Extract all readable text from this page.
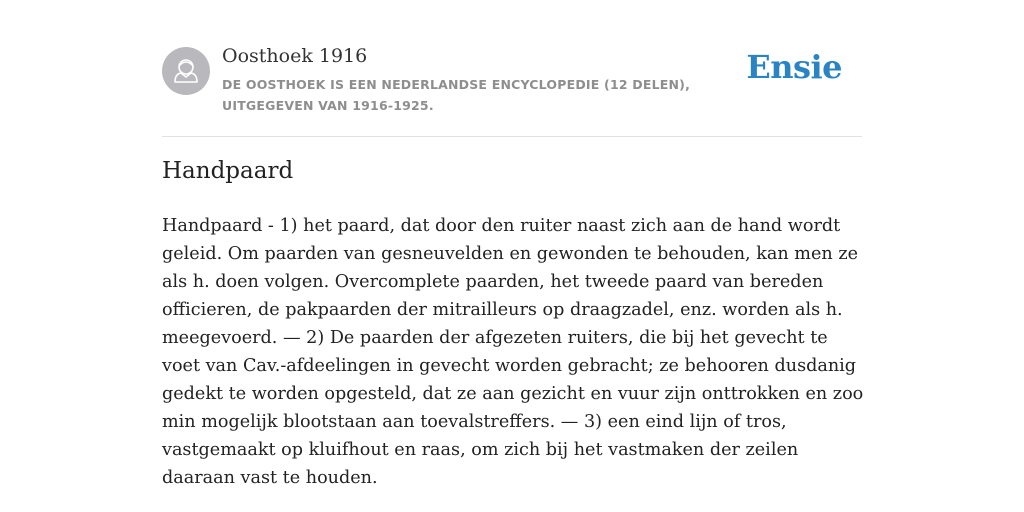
Oosthoek 1916
DE OOSTHOEK IS EEN NEDERLANDSE ENCYCLOPEDIE (12 DELEN), UITGEGEVEN VAN 1916-1925.
Ensie
Handpaard

Handpaard - 1) het paard, dat door den ruiter naast zich aan de hand wordt geleid. Om paarden van gesneuvelden en gewonden te behouden, kan men ze als h. doen volgen. Overcomplete paarden, het tweede paard van bereden officieren, de pakpaarden der mitrailleurs op draagzadel, enz. worden als h. meegevoerd. — 2) De paarden der afgezeten ruiters, die bij het gevecht te voet van Cav.-afdeelingen in gevecht worden gebracht; ze behooren dusdanig gedekt te worden opgesteld, dat ze aan gezicht en vuur zijn onttrokken en zoo min mogelijk blootstaan aan toevalstreffers. — 3) een eind lijn of tros, vastgemaakt op kluifhout en raas, om zich bij het vastmaken der zeilen daaraan vast te houden.
